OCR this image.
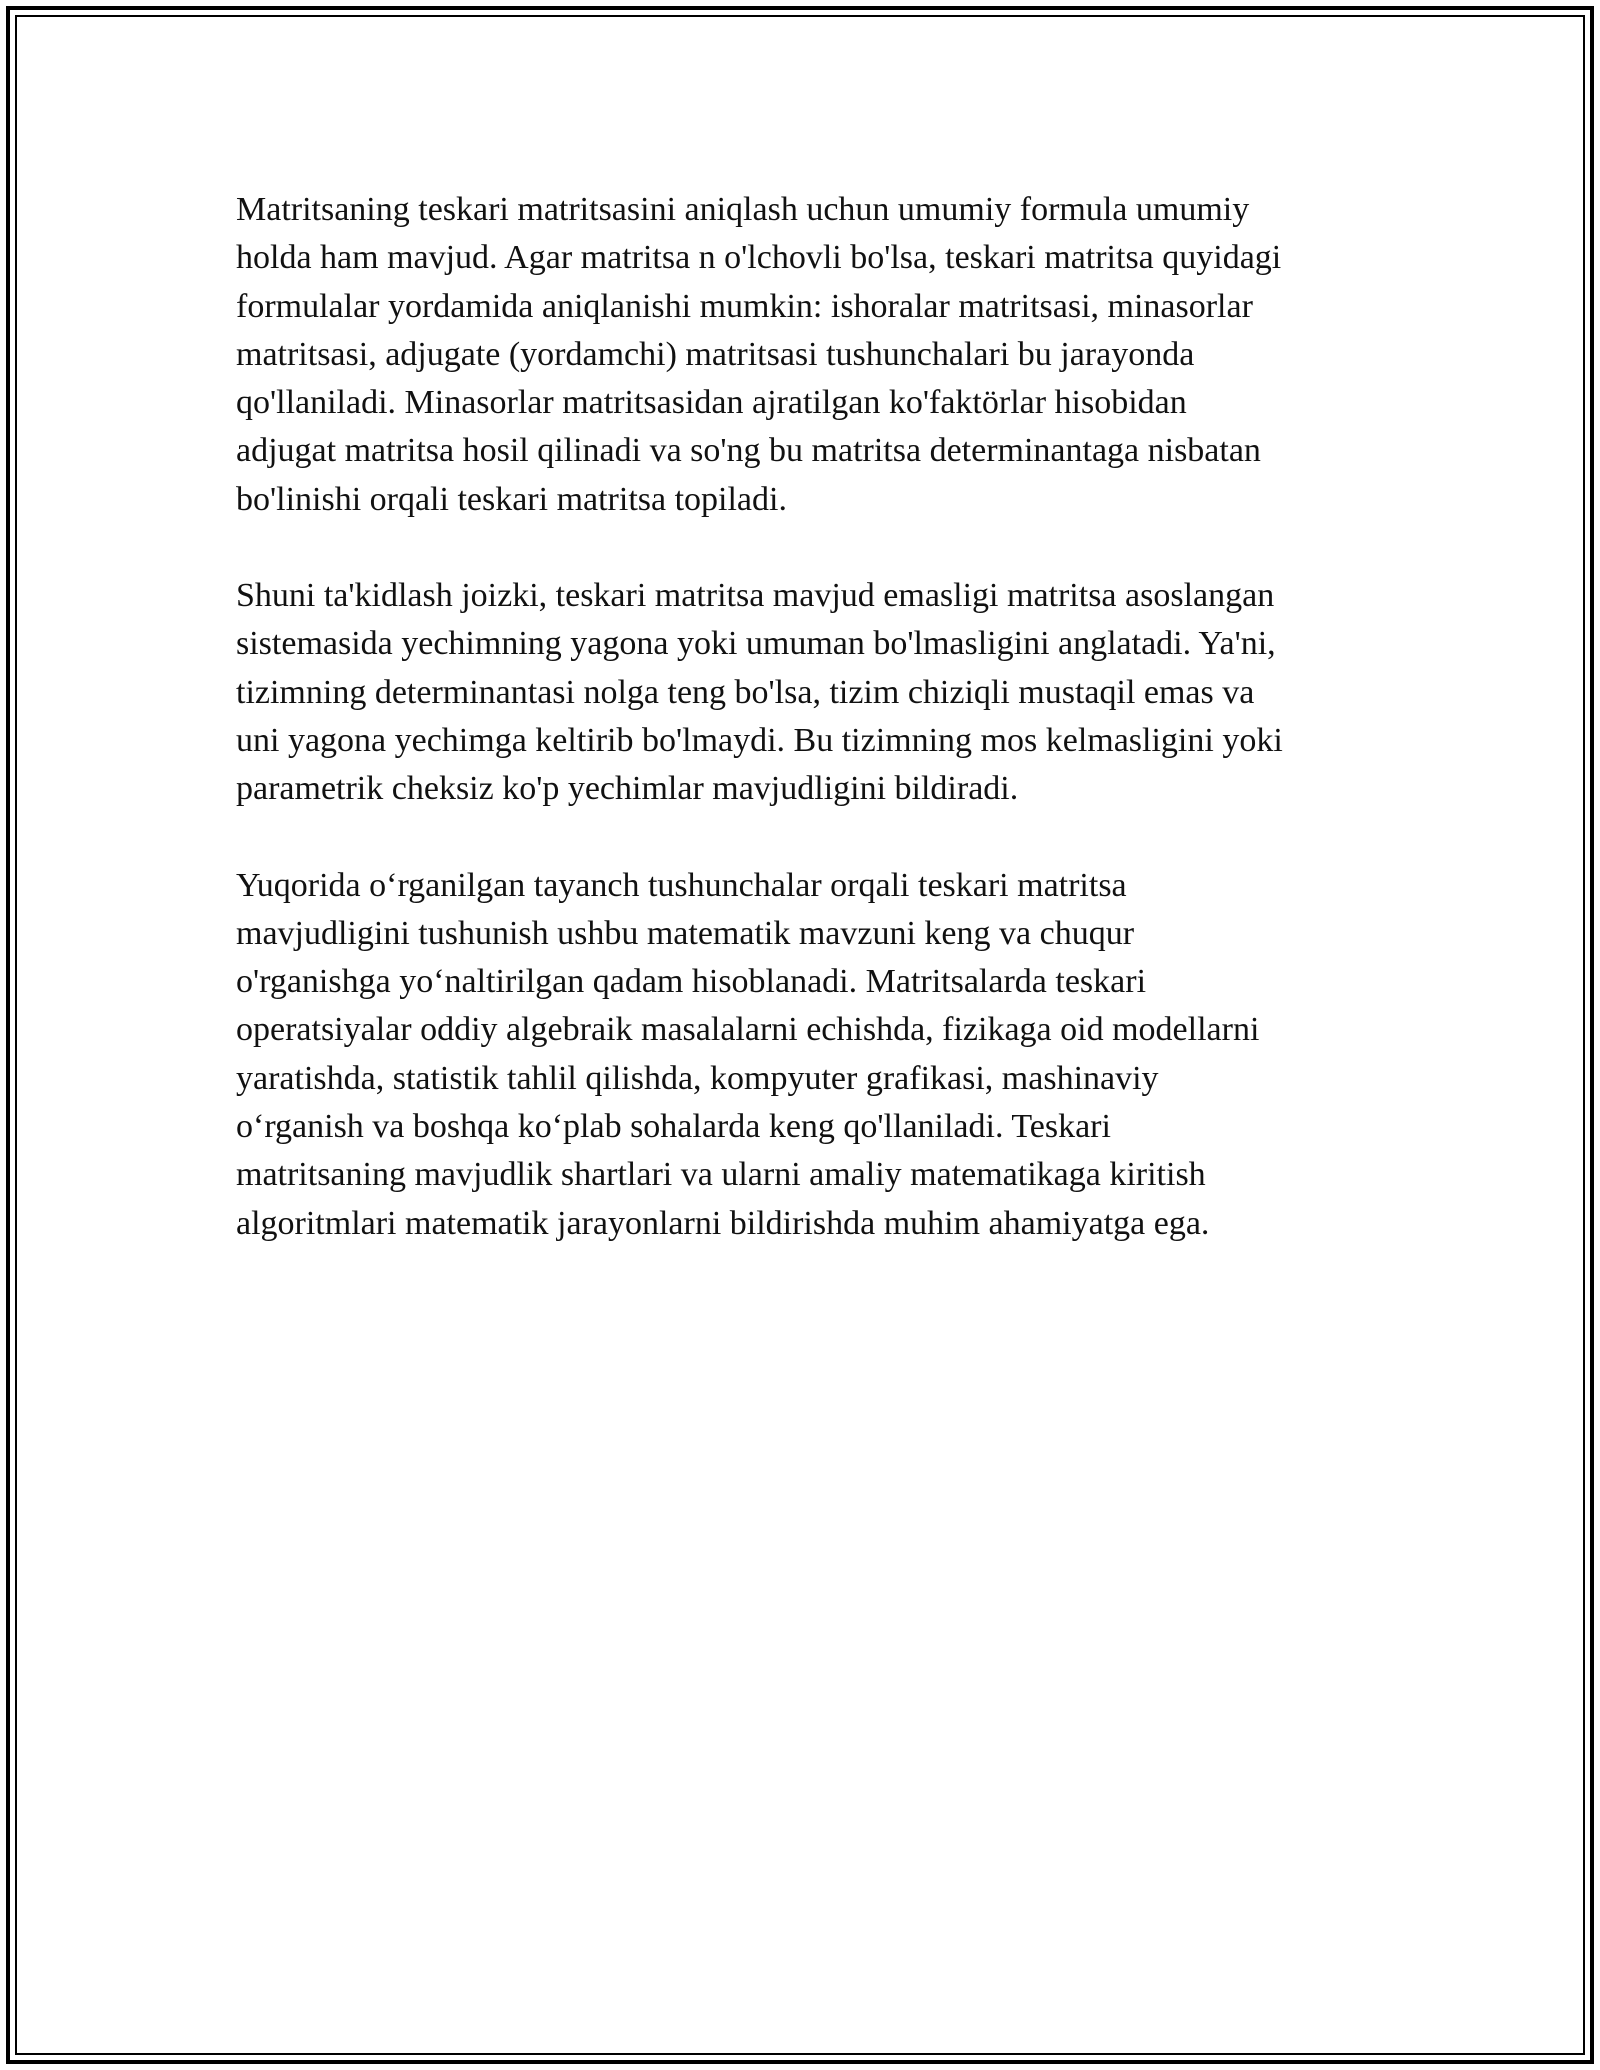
Matritsaning teskari matritsasini aniqlash uchun umumiy formula umumiy
holda ham mavjud. Agar matritsa n o'lchovli bo'lsa, teskari matritsa quyidagi
formulalar yordamida aniqlanishi mumkin: ishoralar matritsasi, minasorlar
matritsasi, adjugate (yordamchi) matritsasi tushunchalari bu jarayonda
qo'llaniladi. Minasorlar matritsasidan ajratilgan ko'faktörlar hisobidan
adjugat matritsa hosil qilinadi va so'ng bu matritsa determinantaga nisbatan
bo'linishi orqali teskari matritsa topiladi.

Shuni ta'kidlash joizki, teskari matritsa mavjud emasligi matritsa asoslangan
sistemasida yechimning yagona yoki umuman bo'lmasligini anglatadi. Ya'ni,
tizimning determinantasi nolga teng bo'lsa, tizim chiziqli mustaqil emas va
uni yagona yechimga keltirib bo'lmaydi. Bu tizimning mos kelmasligini yoki
parametrik cheksiz ko'p yechimlar mavjudligini bildiradi.

Yuqorida o‘rganilgan tayanch tushunchalar orqali teskari matritsa
mavjudligini tushunish ushbu matematik mavzuni keng va chuqur
o'rganishga yo‘naltirilgan qadam hisoblanadi. Matritsalarda teskari
operatsiyalar oddiy algebraik masalalarni echishda, fizikaga oid modellarni
yaratishda, statistik tahlil qilishda, kompyuter grafikasi, mashinaviy
o‘rganish va boshqa ko‘plab sohalarda keng qo'llaniladi. Teskari
matritsaning mavjudlik shartlari va ularni amaliy matematikaga kiritish
algoritmlari matematik jarayonlarni bildirishda muhim ahamiyatga ega.
